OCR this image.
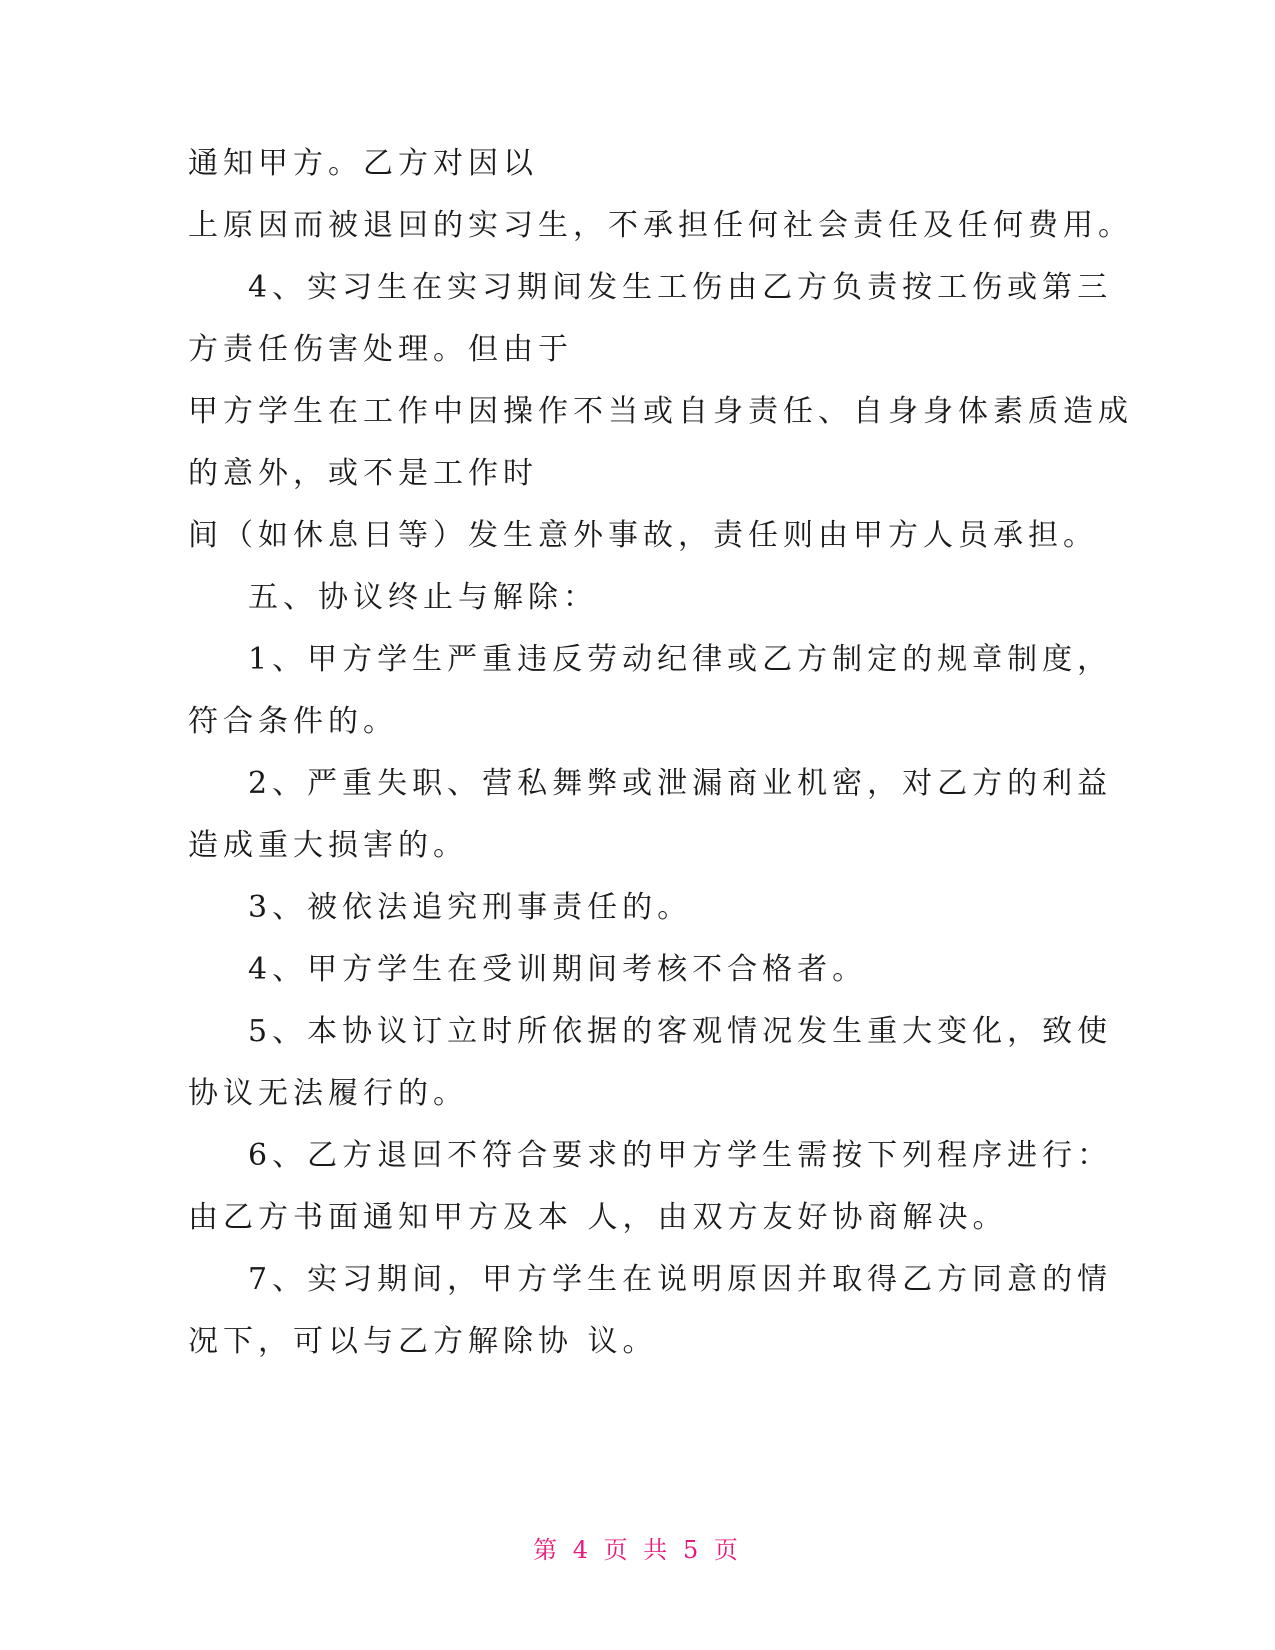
通知甲方。乙方对因以
上原因而被退回的实习生，不承担任何社会责任及任何费用。
4、实习生在实习期间发生工伤由乙方负责按工伤或第三
方责任伤害处理。但由于
甲方学生在工作中因操作不当或自身责任、自身身体素质造成
的意外，或不是工作时
间（如休息日等）发生意外事故，责任则由甲方人员承担。
五、协议终止与解除：
1、甲方学生严重违反劳动纪律或乙方制定的规章制度，
符合条件的。
2、严重失职、营私舞弊或泄漏商业机密，对乙方的利益
造成重大损害的。
3、被依法追究刑事责任的。
4、甲方学生在受训期间考核不合格者。
5、本协议订立时所依据的客观情况发生重大变化，致使
协议无法履行的。
6、乙方退回不符合要求的甲方学生需按下列程序进行：
由乙方书面通知甲方及本 人，由双方友好协商解决。
7、实习期间，甲方学生在说明原因并取得乙方同意的情
况下，可以与乙方解除协 议。
第 4 页 共 5 页
